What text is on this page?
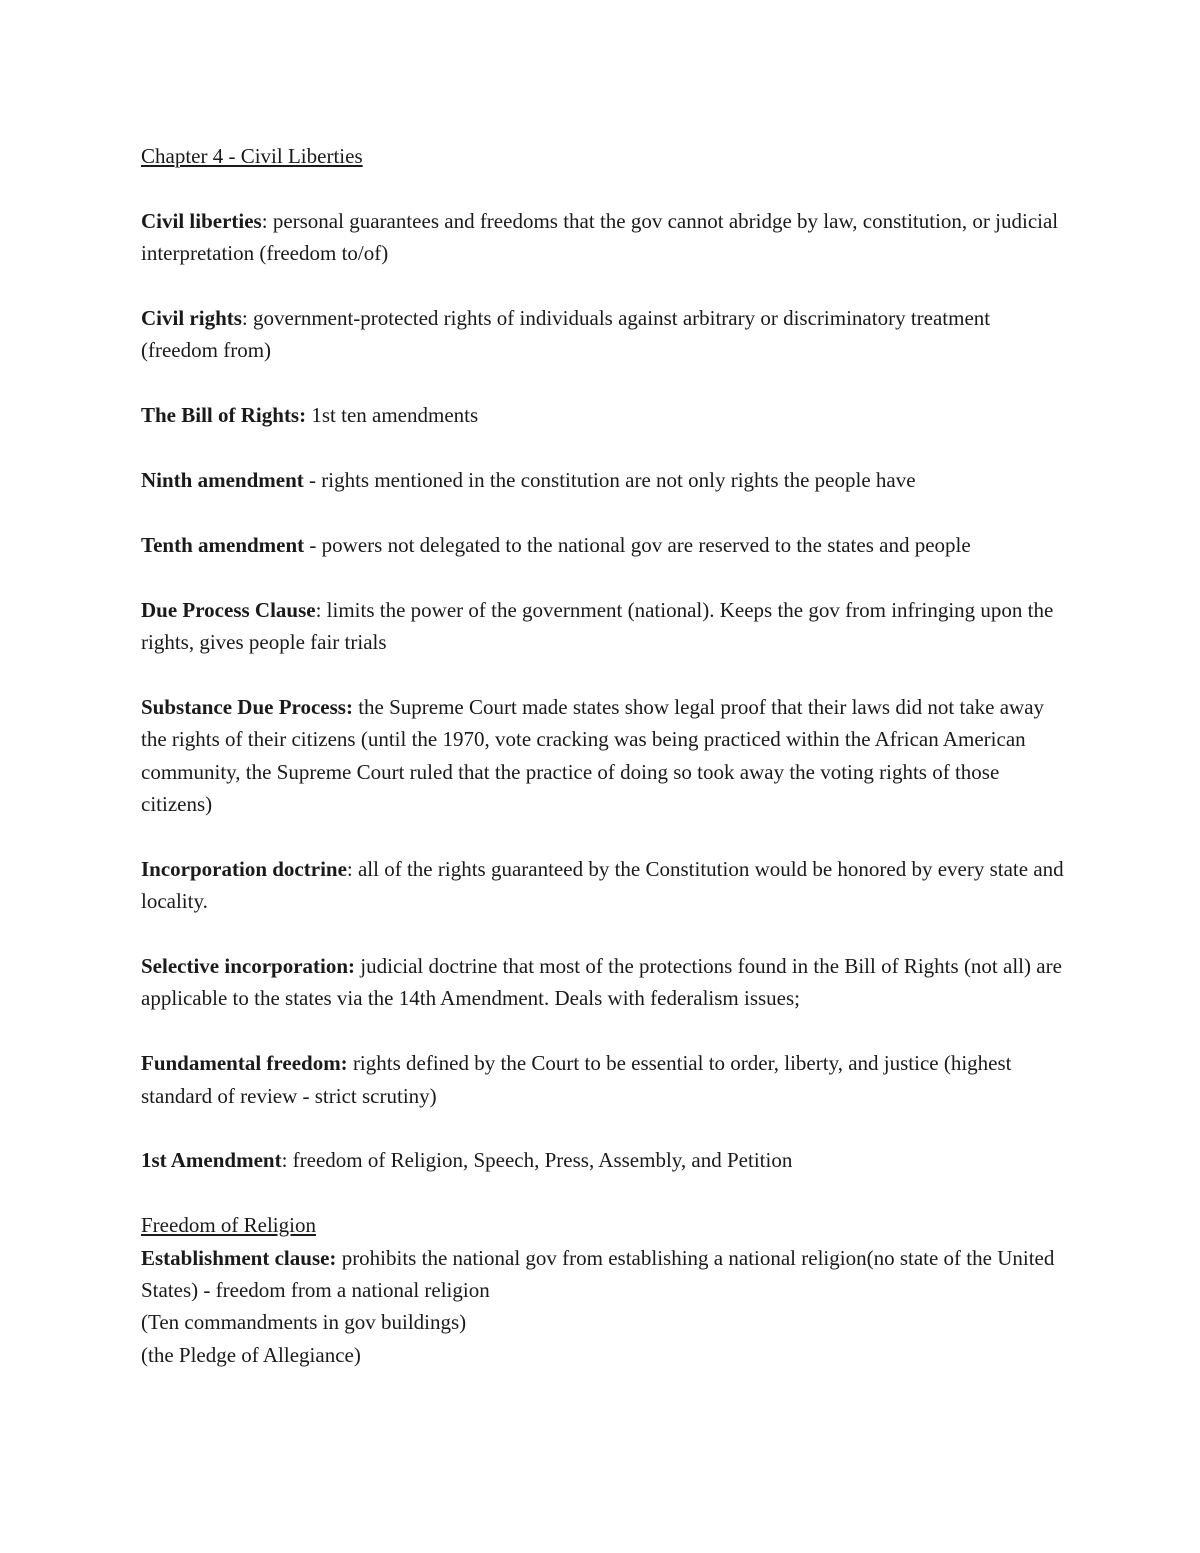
Chapter 4 - Civil Liberties

Civil liberties: personal guarantees and freedoms that the gov cannot abridge by law, constitution, or judicial interpretation (freedom to/of)

Civil rights: government-protected rights of individuals against arbitrary or discriminatory treatment (freedom from)

The Bill of Rights: 1st ten amendments

Ninth amendment - rights mentioned in the constitution are not only rights the people have

Tenth amendment - powers not delegated to the national gov are reserved to the states and people

Due Process Clause: limits the power of the government (national). Keeps the gov from infringing upon the rights, gives people fair trials

Substance Due Process: the Supreme Court made states show legal proof that their laws did not take away the rights of their citizens (until the 1970, vote cracking was being practiced within the African American community, the Supreme Court ruled that the practice of doing so took away the voting rights of those citizens)

Incorporation doctrine: all of the rights guaranteed by the Constitution would be honored by every state and locality.

Selective incorporation: judicial doctrine that most of the protections found in the Bill of Rights (not all) are applicable to the states via the 14th Amendment. Deals with federalism issues;

Fundamental freedom: rights defined by the Court to be essential to order, liberty, and justice (highest standard of review - strict scrutiny)

1st Amendment: freedom of Religion, Speech, Press, Assembly, and Petition

Freedom of Religion

Establishment clause: prohibits the national gov from establishing a national religion(no state of the United States) - freedom from a national religion

(Ten commandments in gov buildings)

(the Pledge of Allegiance)
